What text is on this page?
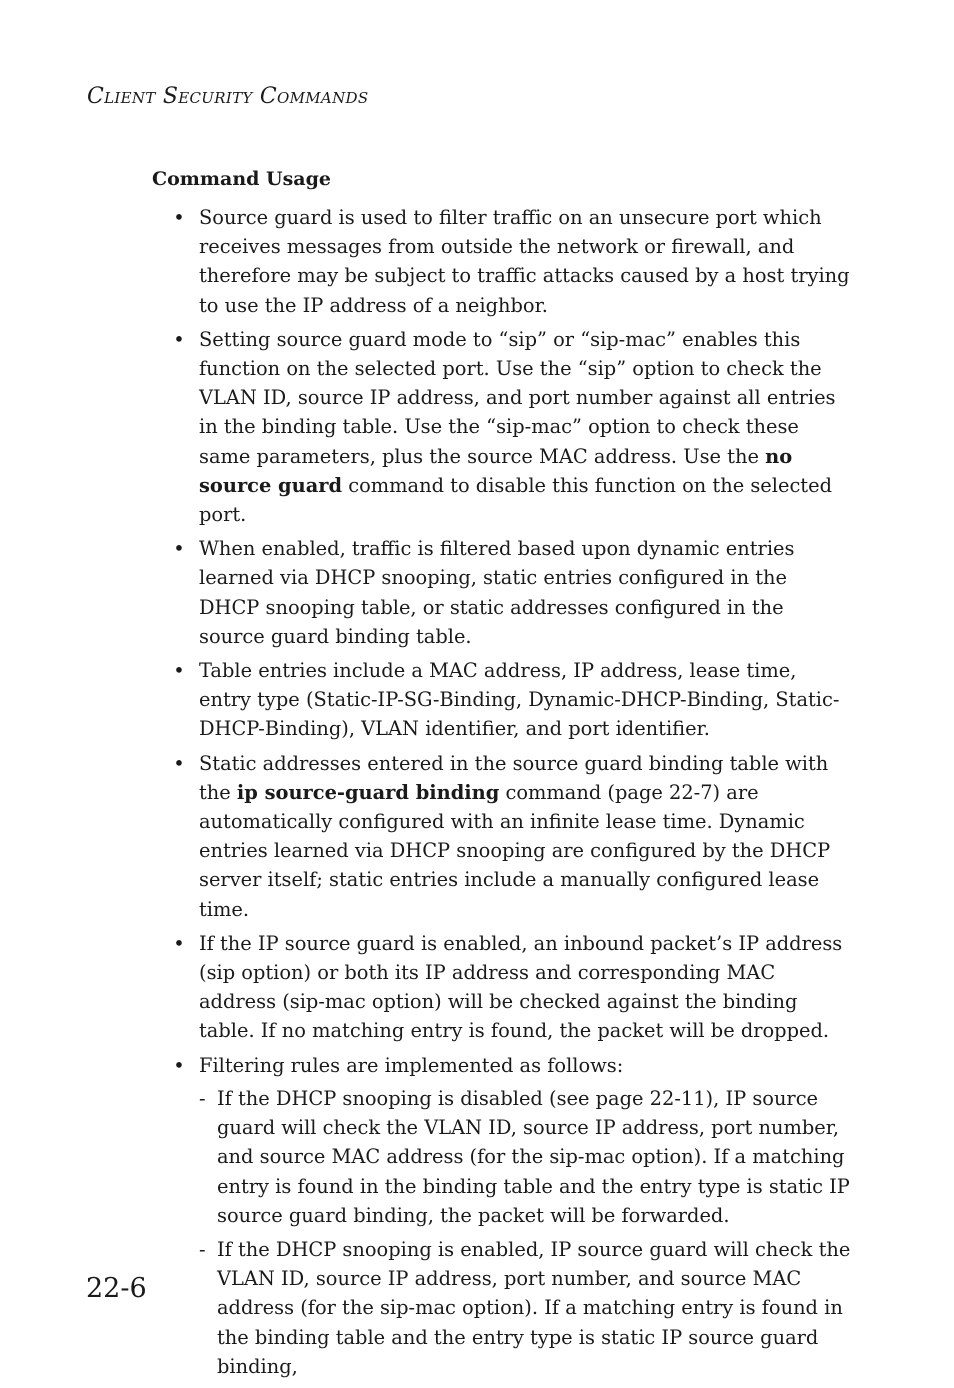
CLIENT SECURITY COMMANDS
Command Usage
• Source guard is used to filter traffic on an unsecure port which receives messages from outside the network or firewall, and therefore may be subject to traffic attacks caused by a host trying to use the IP address of a neighbor.
• Setting source guard mode to “sip” or “sip-mac” enables this function on the selected port. Use the “sip” option to check the VLAN ID, source IP address, and port number against all entries in the binding table. Use the “sip-mac” option to check these same parameters, plus the source MAC address. Use the no source guard command to disable this function on the selected port.
• When enabled, traffic is filtered based upon dynamic entries learned via DHCP snooping, static entries configured in the DHCP snooping table, or static addresses configured in the source guard binding table.
• Table entries include a MAC address, IP address, lease time, entry type (Static-IP-SG-Binding, Dynamic-DHCP-Binding, Static-DHCP-Binding), VLAN identifier, and port identifier.
• Static addresses entered in the source guard binding table with the ip source-guard binding command (page 22-7) are automatically configured with an infinite lease time. Dynamic entries learned via DHCP snooping are configured by the DHCP server itself; static entries include a manually configured lease time.
• If the IP source guard is enabled, an inbound packet’s IP address (sip option) or both its IP address and corresponding MAC address (sip-mac option) will be checked against the binding table. If no matching entry is found, the packet will be dropped.
• Filtering rules are implemented as follows:
- If the DHCP snooping is disabled (see page 22-11), IP source guard will check the VLAN ID, source IP address, port number, and source MAC address (for the sip-mac option). If a matching entry is found in the binding table and the entry type is static IP source guard binding, the packet will be forwarded.
- If the DHCP snooping is enabled, IP source guard will check the VLAN ID, source IP address, port number, and source MAC address (for the sip-mac option). If a matching entry is found in the binding table and the entry type is static IP source guard binding,

22-6
